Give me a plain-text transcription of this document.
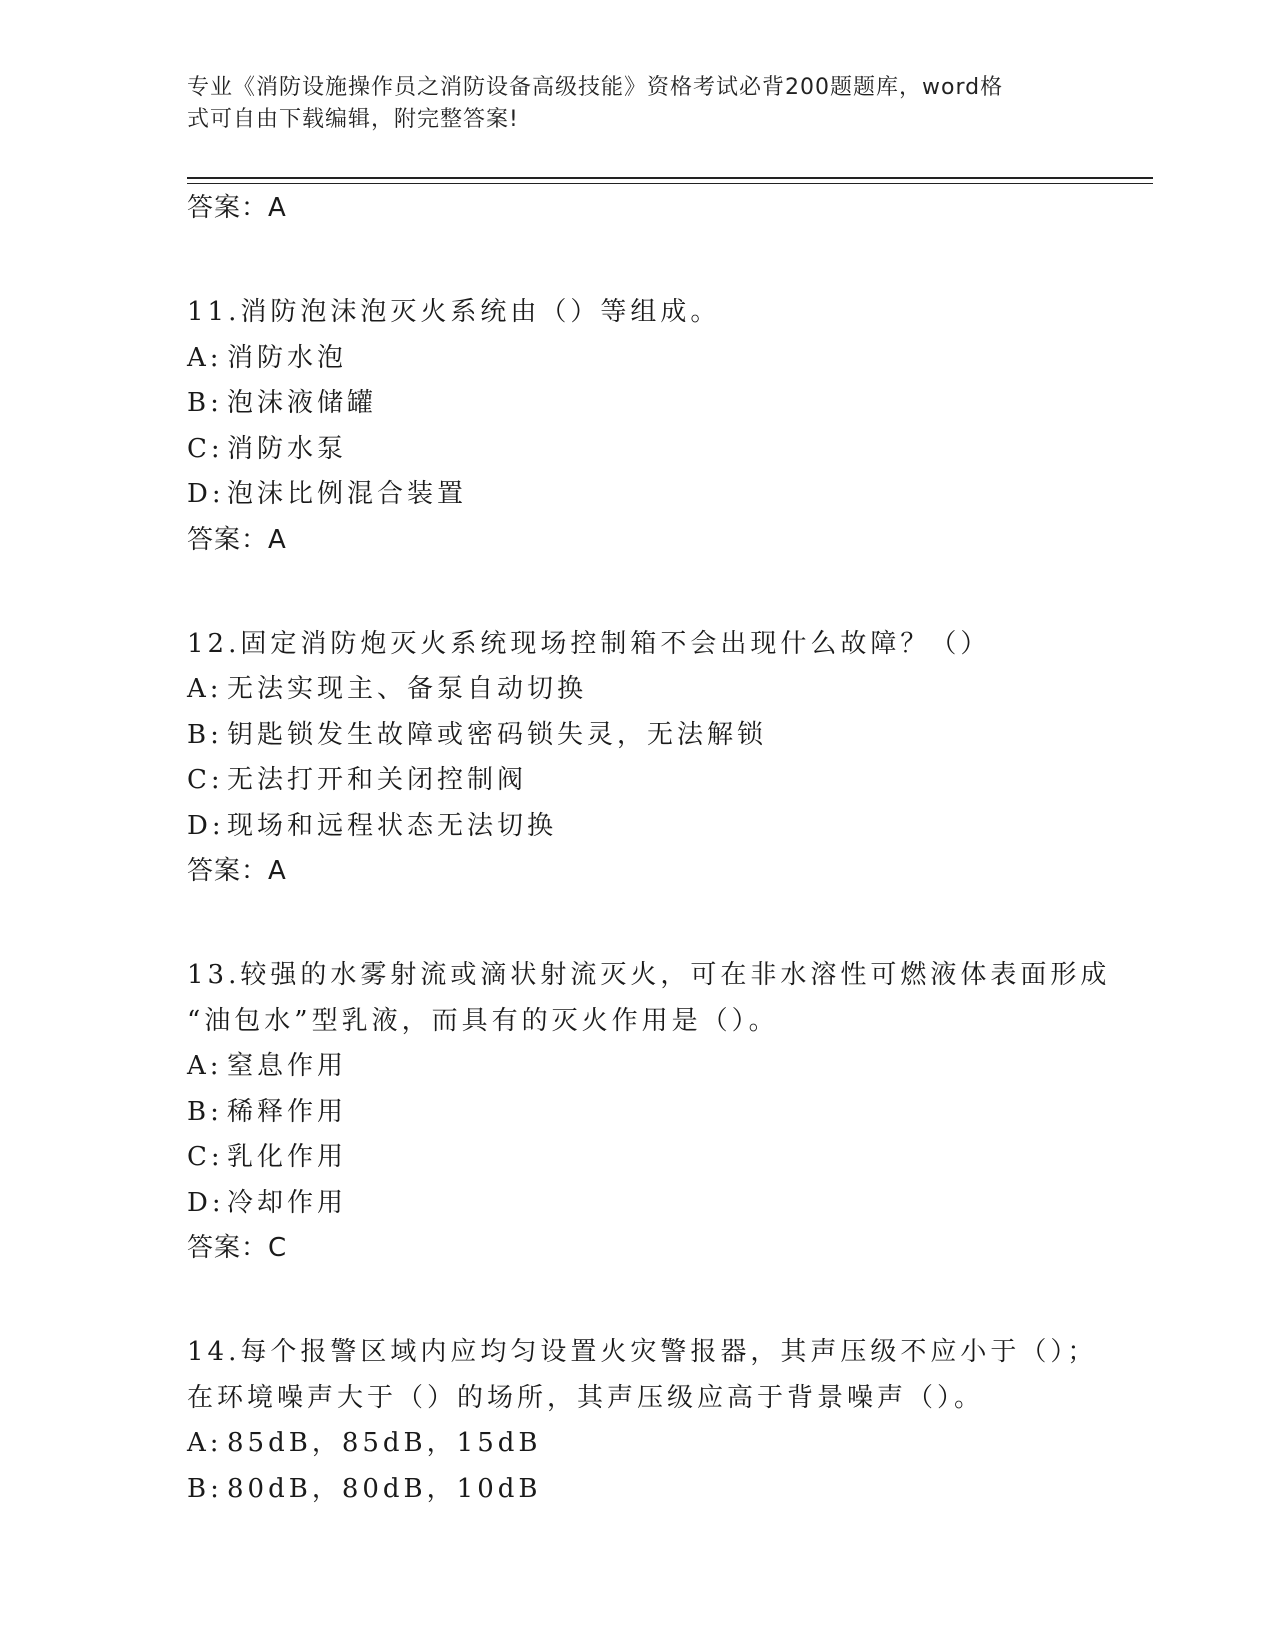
专业《消防设施操作员之消防设备高级技能》资格考试必背200题题库，word格
式可自由下载编辑，附完整答案!
答案：A
11.消防泡沫泡灭火系统由（）等组成。
A: 消防水泡
B: 泡沫液储罐
C: 消防水泵
D:泡沫比例混合装置
答案：A
12.固定消防炮灭火系统现场控制箱不会出现什么故障？（）
A: 无法实现主、备泵自动切换
B: 钥匙锁发生故障或密码锁失灵，无法解锁
C: 无法打开和关闭控制阀
D:现场和远程状态无法切换
答案：A
13.较强的水雾射流或滴状射流灭火，可在非水溶性可燃液体表面形成
“油包水”型乳液，而具有的灭火作用是（）。
A: 窒息作用
B: 稀释作用
C: 乳化作用
D:冷却作用
答案：C
14.每个报警区域内应均匀设置火灾警报器，其声压级不应小于（）；
在环境噪声大于（）的场所，其声压级应高于背景噪声（）。
A: 85dB，85dB，15dB
B: 80dB，80dB，10dB
